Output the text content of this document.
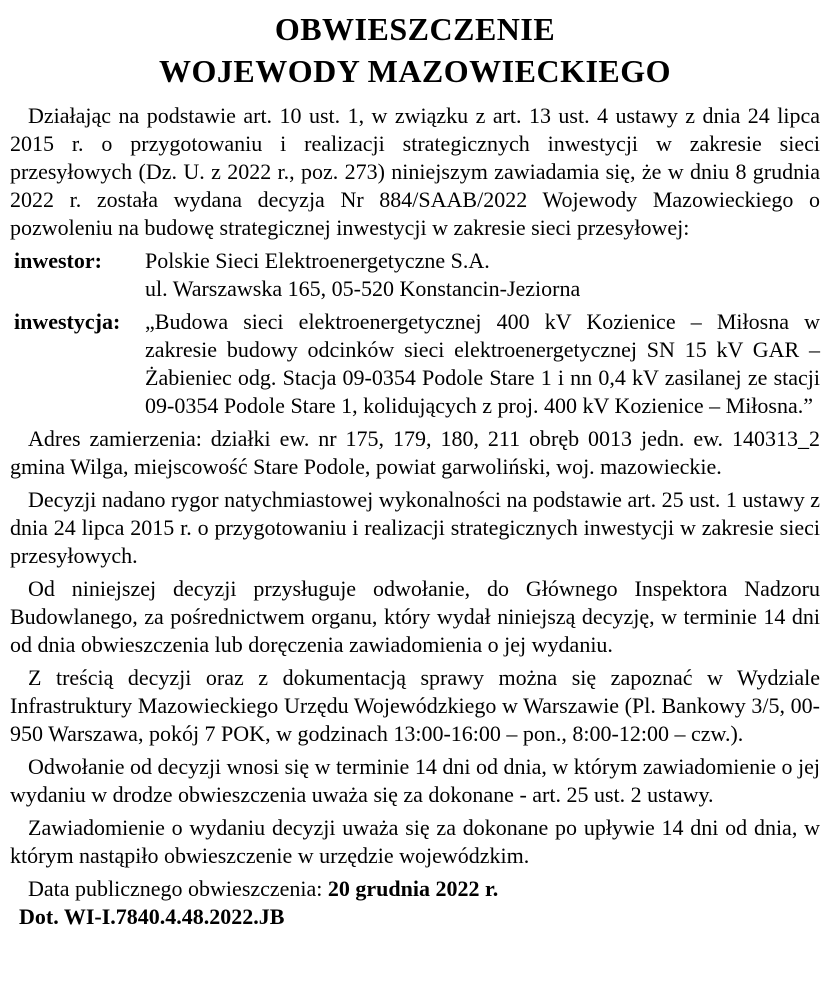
OBWIESZCZENIE
WOJEWODY MAZOWIECKIEGO

Działając na podstawie art. 10 ust. 1, w związku z art. 13 ust. 4 ustawy z dnia 24 lipca 2015 r. o przygotowaniu i realizacji strategicznych inwestycji w zakresie sieci przesyłowych (Dz. U. z 2022 r., poz. 273) niniejszym zawiadamia się, że w dniu 8 grudnia 2022 r. została wydana decyzja Nr 884/SAAB/2022 Wojewody Mazowieckiego o pozwoleniu na budowę strategicznej inwestycji w zakresie sieci przesyłowej:

inwestor:	Polskie Sieci Elektroenergetyczne S.A.
ul. Warszawska 165, 05-520 Konstancin-Jeziorna
inwestycja:	„Budowa sieci elektroenergetycznej 400 kV Kozienice – Miłosna w zakresie budowy odcinków sieci elektroenergetycznej SN 15 kV GAR – Żabieniec odg. Stacja 09-0354 Podole Stare 1 i nn 0,4 kV zasilanej ze stacji 09-0354 Podole Stare 1, kolidujących z proj. 400 kV Kozienice – Miłosna.”

Adres zamierzenia: działki ew. nr 175, 179, 180, 211 obręb 0013 jedn. ew. 140313_2 gmina Wilga, miejscowość Stare Podole, powiat garwoliński, woj. mazowieckie.

Decyzji nadano rygor natychmiastowej wykonalności na podstawie art. 25 ust. 1 ustawy z dnia 24 lipca 2015 r. o przygotowaniu i realizacji strategicznych inwestycji w zakresie sieci przesyłowych.

Od niniejszej decyzji przysługuje odwołanie, do Głównego Inspektora Nadzoru Budowlanego, za pośrednictwem organu, który wydał niniejszą decyzję, w terminie 14 dni od dnia obwieszczenia lub doręczenia zawiadomienia o jej wydaniu.

Z treścią decyzji oraz z dokumentacją sprawy można się zapoznać w Wydziale Infrastruktury Mazowieckiego Urzędu Wojewódzkiego w Warszawie (Pl. Bankowy 3/5, 00-950 Warszawa, pokój 7 POK, w godzinach 13:00-16:00 – pon., 8:00-12:00 – czw.).

Odwołanie od decyzji wnosi się w terminie 14 dni od dnia, w którym zawiadomienie o jej wydaniu w drodze obwieszczenia uważa się za dokonane - art. 25 ust. 2 ustawy.

Zawiadomienie o wydaniu decyzji uważa się za dokonane po upływie 14 dni od dnia, w którym nastąpiło obwieszczenie w urzędzie wojewódzkim.

Data publicznego obwieszczenia: 20 grudnia 2022 r.

Dot. WI-I.7840.4.48.2022.JB
